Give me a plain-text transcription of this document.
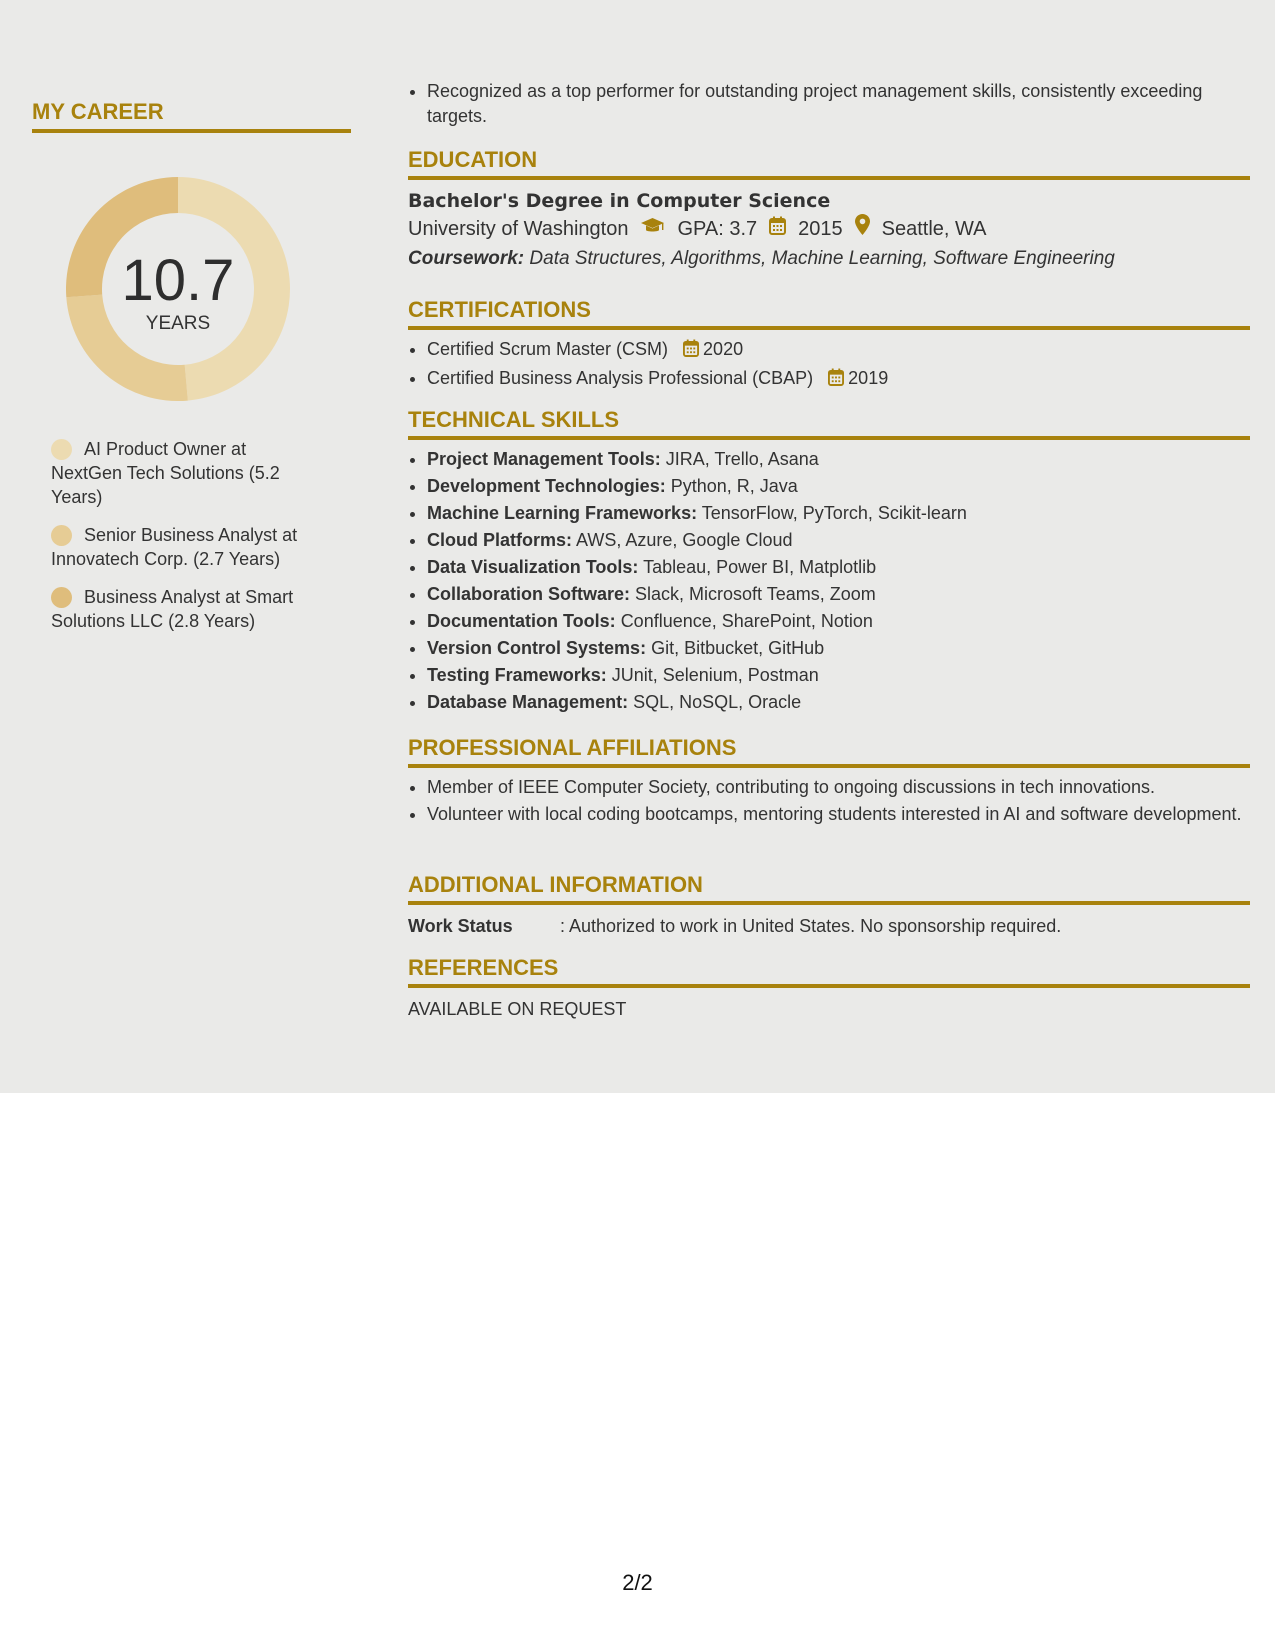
MY CAREER
10.7
YEARS
AI Product Owner at NextGen Tech Solutions (5.2 Years)
Senior Business Analyst at Innovatech Corp. (2.7 Years)
Business Analyst at Smart Solutions LLC (2.8 Years)
• Recognized as a top performer for outstanding project management skills, consistently exceeding targets.
EDUCATION
Bachelor's Degree in Computer Science
University of Washington GPA: 3.7 2015 Seattle, WA
Coursework: Data Structures, Algorithms, Machine Learning, Software Engineering
CERTIFICATIONS
• Certified Scrum Master (CSM) 2020
• Certified Business Analysis Professional (CBAP) 2019
TECHNICAL SKILLS
• Project Management Tools: JIRA, Trello, Asana
• Development Technologies: Python, R, Java
• Machine Learning Frameworks: TensorFlow, PyTorch, Scikit-learn
• Cloud Platforms: AWS, Azure, Google Cloud
• Data Visualization Tools: Tableau, Power BI, Matplotlib
• Collaboration Software: Slack, Microsoft Teams, Zoom
• Documentation Tools: Confluence, SharePoint, Notion
• Version Control Systems: Git, Bitbucket, GitHub
• Testing Frameworks: JUnit, Selenium, Postman
• Database Management: SQL, NoSQL, Oracle
PROFESSIONAL AFFILIATIONS
• Member of IEEE Computer Society, contributing to ongoing discussions in tech innovations.
• Volunteer with local coding bootcamps, mentoring students interested in AI and software development.
ADDITIONAL INFORMATION
Work Status	: Authorized to work in United States. No sponsorship required.
REFERENCES
AVAILABLE ON REQUEST
2/2
